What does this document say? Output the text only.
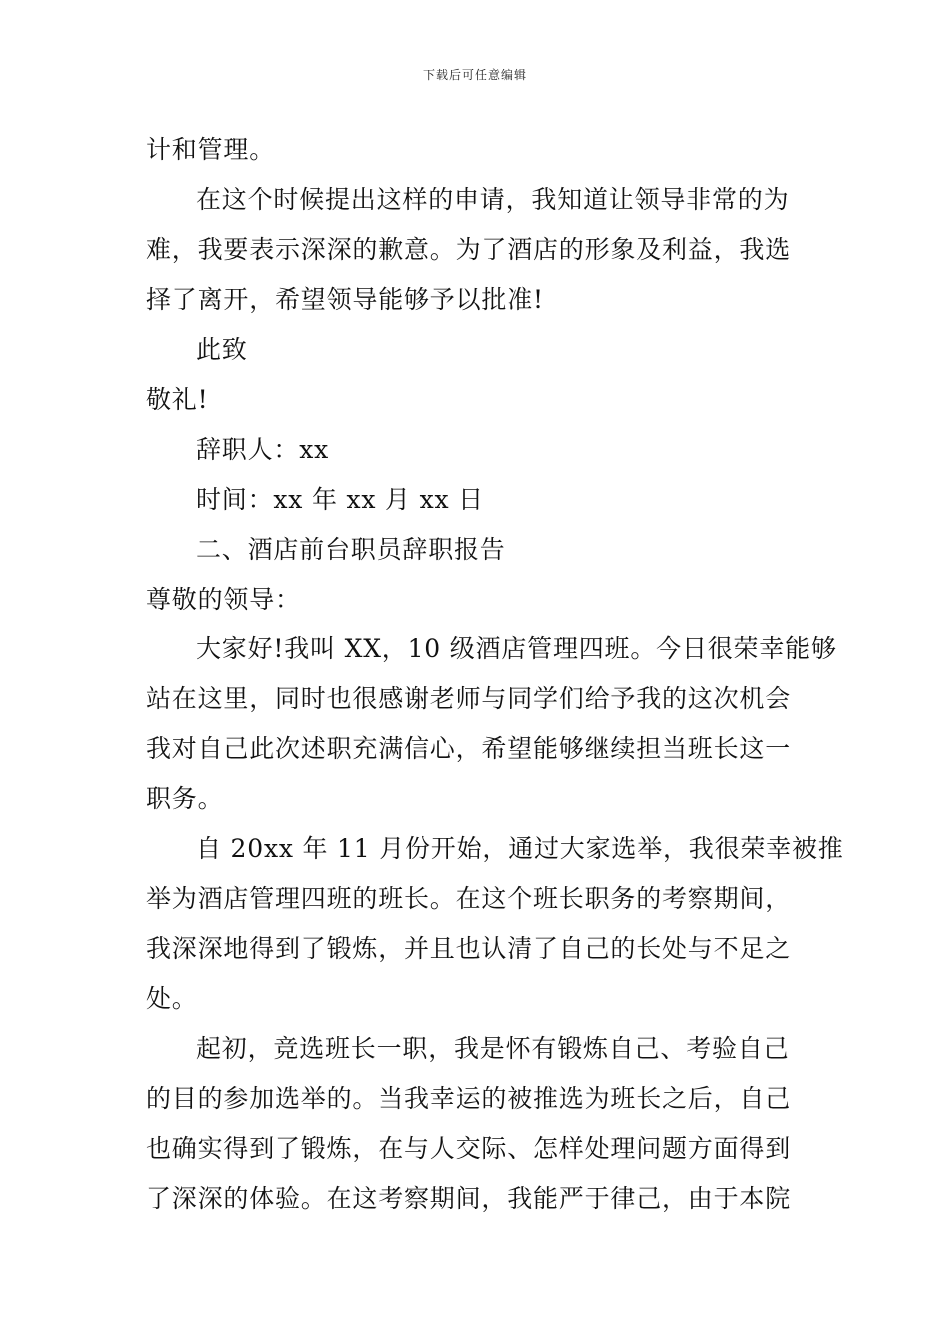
下载后可任意编辑
计和管理。
在这个时候提出这样的申请，我知道让领导非常的为
难，我要表示深深的歉意。为了酒店的形象及利益，我选
择了离开，希望领导能够予以批准!
此致
敬礼!
辞职人：xx
时间：xx 年 xx 月 xx 日
二、酒店前台职员辞职报告
尊敬的领导：
大家好!我叫 XX，10 级酒店管理四班。今日很荣幸能够
站在这里，同时也很感谢老师与同学们给予我的这次机会
我对自己此次述职充满信心，希望能够继续担当班长这一
职务。
自 20xx 年 11 月份开始，通过大家选举，我很荣幸被推
举为酒店管理四班的班长。在这个班长职务的考察期间，
我深深地得到了锻炼，并且也认清了自己的长处与不足之
处。
起初，竞选班长一职，我是怀有锻炼自己、考验自己
的目的参加选举的。当我幸运的被推选为班长之后，自己
也确实得到了锻炼，在与人交际、怎样处理问题方面得到
了深深的体验。在这考察期间，我能严于律己，由于本院
